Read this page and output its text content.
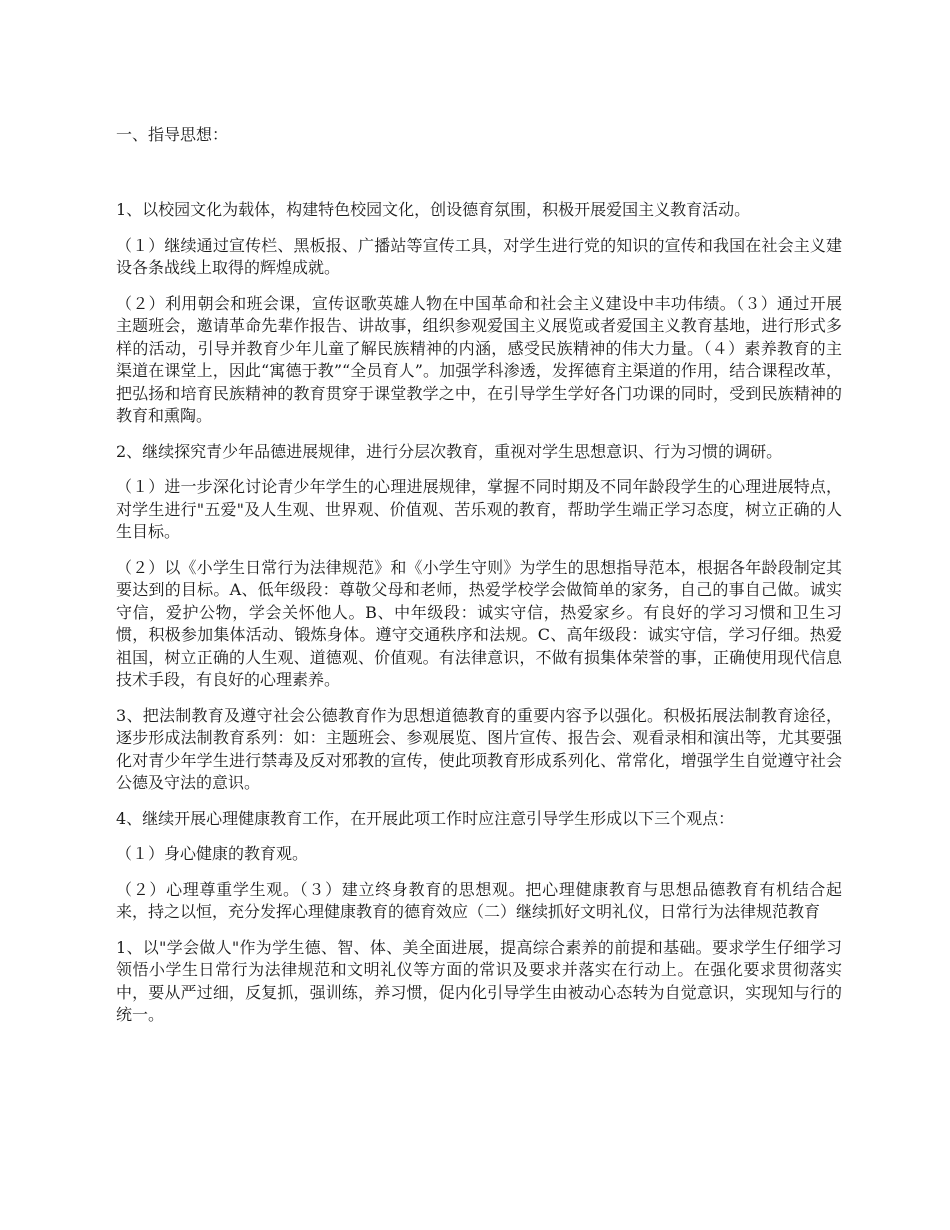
一、指导思想：

1、以校园文化为载体，构建特色校园文化，创设德育氛围，积极开展爱国主义教育活动。

（１）继续通过宣传栏、黑板报、广播站等宣传工具，对学生进行党的知识的宣传和我国在社会主义建设各条战线上取得的辉煌成就。

（２）利用朝会和班会课，宣传讴歌英雄人物在中国革命和社会主义建设中丰功伟绩。（３）通过开展主题班会，邀请革命先辈作报告、讲故事，组织参观爱国主义展览或者爱国主义教育基地，进行形式多样的活动，引导并教育少年儿童了解民族精神的内涵，感受民族精神的伟大力量。（４）素养教育的主渠道在课堂上，因此“寓德于教”“全员育人”。加强学科渗透，发挥德育主渠道的作用，结合课程改革，把弘扬和培育民族精神的教育贯穿于课堂教学之中，在引导学生学好各门功课的同时，受到民族精神的教育和熏陶。

2、继续探究青少年品德进展规律，进行分层次教育，重视对学生思想意识、行为习惯的调研。

（１）进一步深化讨论青少年学生的心理进展规律，掌握不同时期及不同年龄段学生的心理进展特点，对学生进行"五爱"及人生观、世界观、价值观、苦乐观的教育，帮助学生端正学习态度，树立正确的人生目标。

（２）以《小学生日常行为法律规范》和《小学生守则》为学生的思想指导范本，根据各年龄段制定其要达到的目标。A、低年级段：尊敬父母和老师，热爱学校学会做简单的家务，自己的事自己做。诚实守信，爱护公物，学会关怀他人。B、中年级段：诚实守信，热爱家乡。有良好的学习习惯和卫生习惯，积极参加集体活动、锻炼身体。遵守交通秩序和法规。C、高年级段：诚实守信，学习仔细。热爱祖国，树立正确的人生观、道德观、价值观。有法律意识，不做有损集体荣誉的事，正确使用现代信息技术手段，有良好的心理素养。

3、把法制教育及遵守社会公德教育作为思想道德教育的重要内容予以强化。积极拓展法制教育途径，逐步形成法制教育系列：如：主题班会、参观展览、图片宣传、报告会、观看录相和演出等，尤其要强化对青少年学生进行禁毒及反对邪教的宣传，使此项教育形成系列化、常常化，增强学生自觉遵守社会公德及守法的意识。

4、继续开展心理健康教育工作，在开展此项工作时应注意引导学生形成以下三个观点：

（１）身心健康的教育观。

（２）心理尊重学生观。（３）建立终身教育的思想观。把心理健康教育与思想品德教育有机结合起来，持之以恒，充分发挥心理健康教育的德育效应（二）继续抓好文明礼仪，日常行为法律规范教育

1、以"学会做人"作为学生德、智、体、美全面进展，提高综合素养的前提和基础。要求学生仔细学习领悟小学生日常行为法律规范和文明礼仪等方面的常识及要求并落实在行动上。在强化要求贯彻落实中，要从严过细，反复抓，强训练，养习惯，促内化引导学生由被动心态转为自觉意识，实现知与行的统一。
